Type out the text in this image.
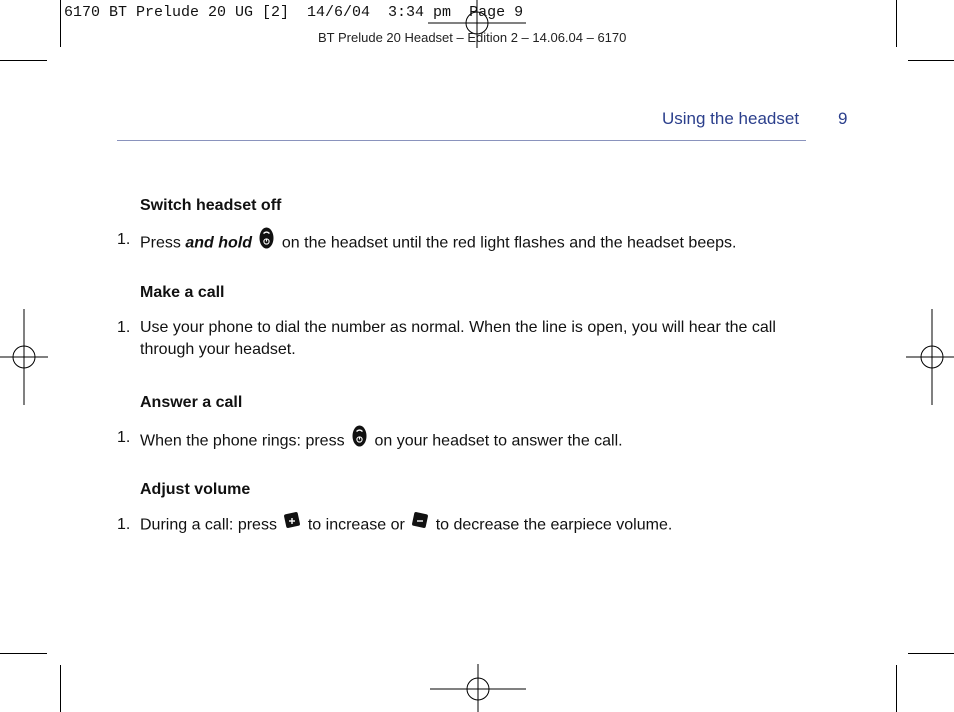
6170 BT Prelude 20 UG [2]  14/6/04  3:34 pm  Page 9
BT Prelude 20 Headset – Edition 2 – 14.06.04 – 6170
Using the headset 9
Switch headset off
1. Press and hold  on the headset until the red light flashes and the headset beeps.
Make a call
1. Use your phone to dial the number as normal. When the line is open, you will hear the call through your headset.
Answer a call
1. When the phone rings: press  on your headset to answer the call.
Adjust volume
1. During a call: press  to increase or  to decrease the earpiece volume.
